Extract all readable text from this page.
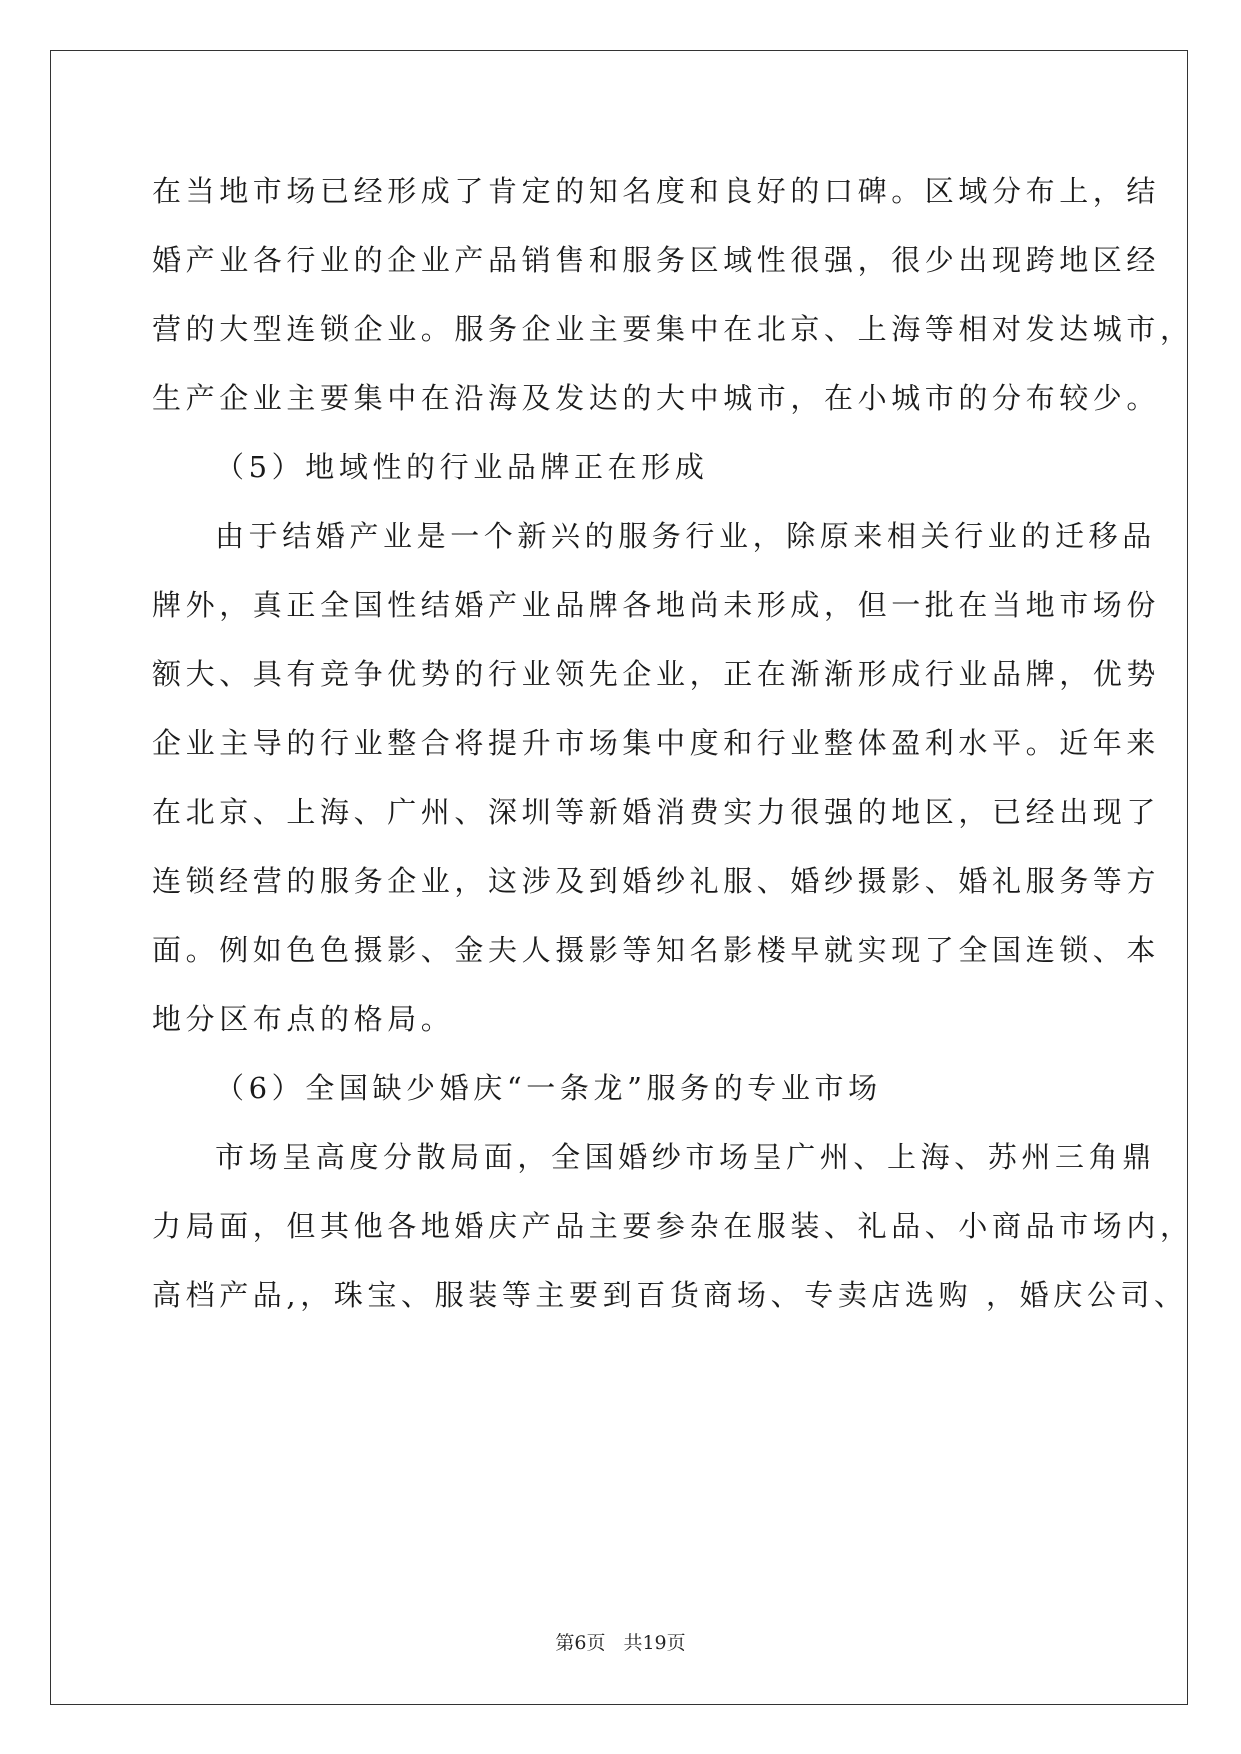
在当地市场已经形成了肯定的知名度和良好的口碑。区域分布上，结
婚产业各行业的企业产品销售和服务区域性很强，很少出现跨地区经
营的大型连锁企业。服务企业主要集中在北京、上海等相对发达城市，
生产企业主要集中在沿海及发达的大中城市，在小城市的分布较少。
（5）地域性的行业品牌正在形成
由于结婚产业是一个新兴的服务行业，除原来相关行业的迁移品
牌外，真正全国性结婚产业品牌各地尚未形成，但一批在当地市场份
额大、具有竞争优势的行业领先企业，正在渐渐形成行业品牌，优势
企业主导的行业整合将提升市场集中度和行业整体盈利水平。近年来
在北京、上海、广州、深圳等新婚消费实力很强的地区，已经出现了
连锁经营的服务企业，这涉及到婚纱礼服、婚纱摄影、婚礼服务等方
面。例如色色摄影、金夫人摄影等知名影楼早就实现了全国连锁、本
地分区布点的格局。
（6）全国缺少婚庆“一条龙”服务的专业市场
市场呈高度分散局面，全国婚纱市场呈广州、上海、苏州三角鼎
力局面，但其他各地婚庆产品主要参杂在服装、礼品、小商品市场内，
高档产品,，珠宝、服装等主要到百货商场、专卖店选购 ，婚庆公司、
第6页 共19页
